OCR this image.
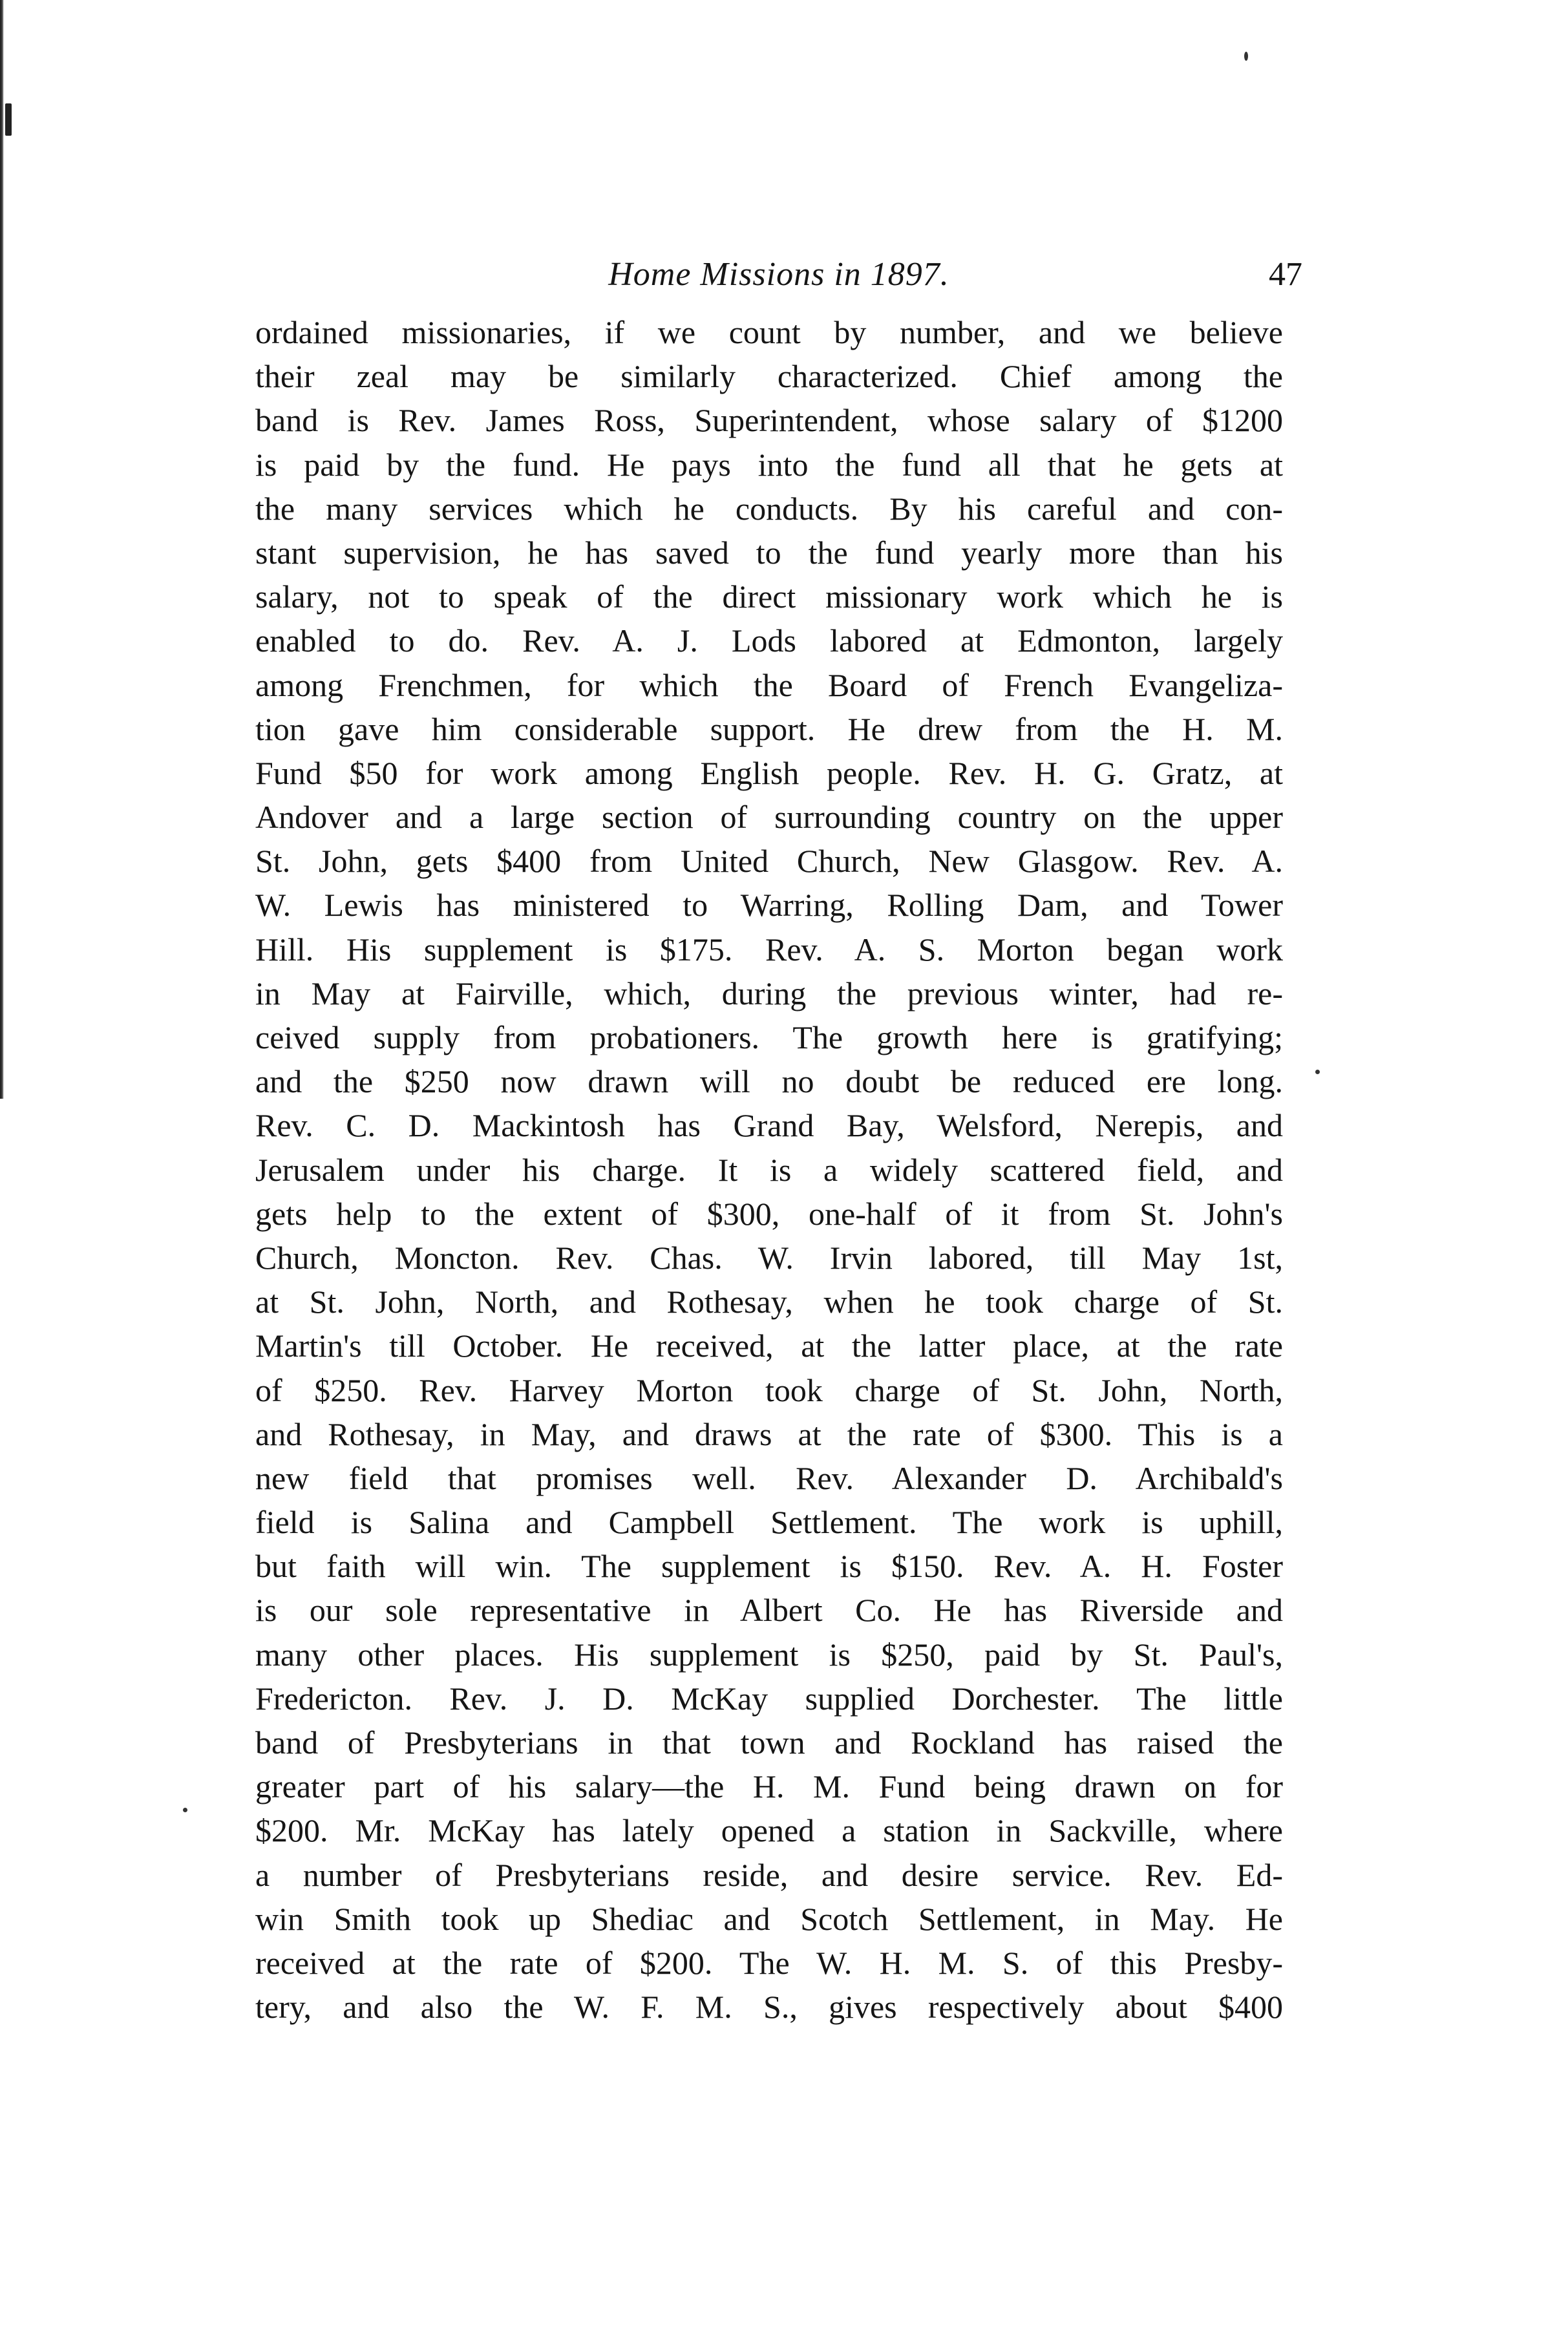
Home Missions in 1897.	47
ordained missionaries, if we count by number, and we believe
their zeal may be similarly characterized. Chief among the
band is Rev. James Ross, Superintendent, whose salary of $1200
is paid by the fund. He pays into the fund all that he gets at
the many services which he conducts. By his careful and con-
stant supervision, he has saved to the fund yearly more than his
salary, not to speak of the direct missionary work which he is
enabled to do. Rev. A. J. Lods labored at Edmonton, largely
among Frenchmen, for which the Board of French Evangeliza-
tion gave him considerable support. He drew from the H. M.
Fund $50 for work among English people. Rev. H. G. Gratz, at
Andover and a large section of surrounding country on the upper
St. John, gets $400 from United Church, New Glasgow. Rev. A.
W. Lewis has ministered to Warring, Rolling Dam, and Tower
Hill. His supplement is $175. Rev. A. S. Morton began work
in May at Fairville, which, during the previous winter, had re-
ceived supply from probationers. The growth here is gratifying;
and the $250 now drawn will no doubt be reduced ere long.
Rev. C. D. Mackintosh has Grand Bay, Welsford, Nerepis, and
Jerusalem under his charge. It is a widely scattered field, and
gets help to the extent of $300, one-half of it from St. John's
Church, Moncton. Rev. Chas. W. Irvin labored, till May 1st,
at St. John, North, and Rothesay, when he took charge of St.
Martin's till October. He received, at the latter place, at the rate
of $250. Rev. Harvey Morton took charge of St. John, North,
and Rothesay, in May, and draws at the rate of $300. This is a
new field that promises well. Rev. Alexander D. Archibald's
field is Salina and Campbell Settlement. The work is uphill,
but faith will win. The supplement is $150. Rev. A. H. Foster
is our sole representative in Albert Co. He has Riverside and
many other places. His supplement is $250, paid by St. Paul's,
Fredericton. Rev. J. D. McKay supplied Dorchester. The little
band of Presbyterians in that town and Rockland has raised the
greater part of his salary—the H. M. Fund being drawn on for
$200. Mr. McKay has lately opened a station in Sackville, where
a number of Presbyterians reside, and desire service. Rev. Ed-
win Smith took up Shediac and Scotch Settlement, in May. He
received at the rate of $200. The W. H. M. S. of this Presby-
tery, and also the W. F. M. S., gives respectively about $400
